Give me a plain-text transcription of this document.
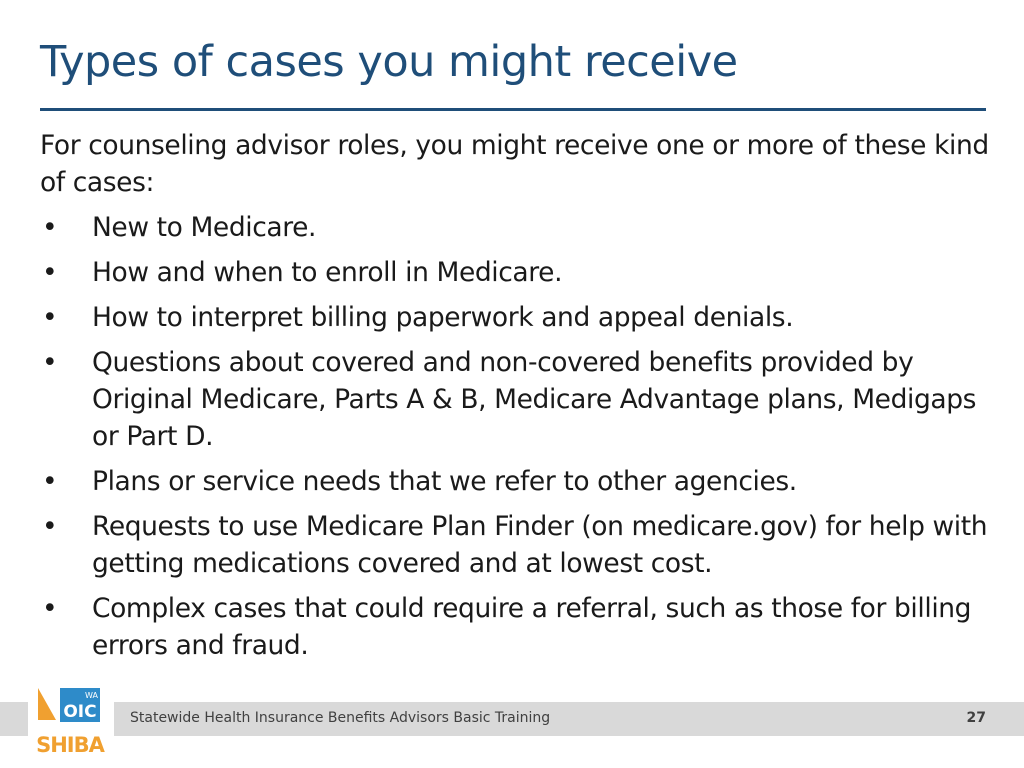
Types of cases you might receive

For counseling advisor roles, you might receive one or more of these kind of cases:

•	New to Medicare.
•	How and when to enroll in Medicare.
•	How to interpret billing paperwork and appeal denials.
•	Questions about covered and non-covered benefits provided by Original Medicare, Parts A & B, Medicare Advantage plans, Medigaps or Part D.
•	Plans or service needs that we refer to other agencies.
•	Requests to use Medicare Plan Finder (on medicare.gov) for help with getting medications covered and at lowest cost.
•	Complex cases that could require a referral, such as those for billing errors and fraud.
Statewide Health Insurance Benefits Advisors Basic Training	27
WA
OIC
SHIBA
